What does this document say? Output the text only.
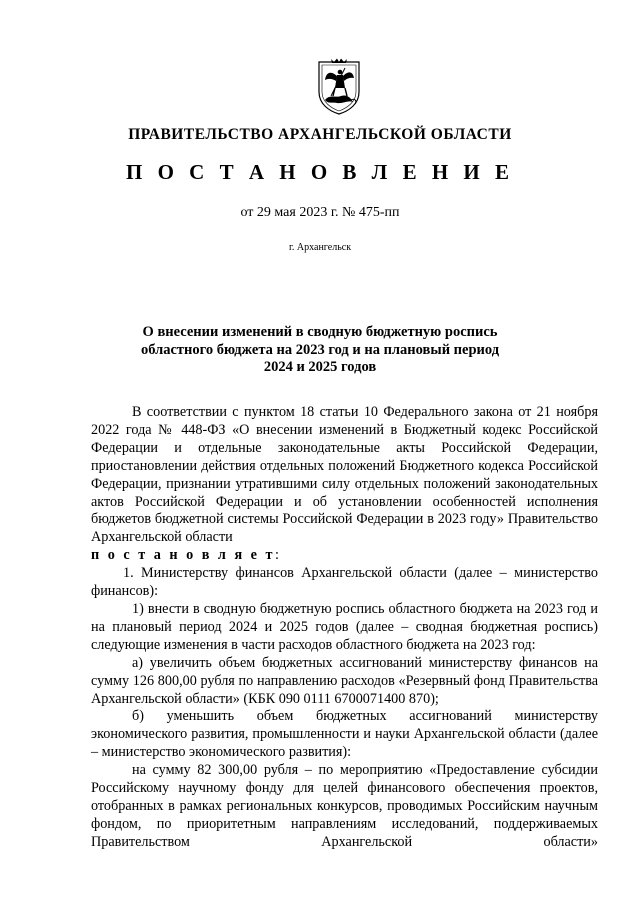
ПРАВИТЕЛЬСТВО АРХАНГЕЛЬСКОЙ ОБЛАСТИ
П О С Т А Н О В Л Е Н И Е
от 29 мая 2023 г. № 475-пп
г. Архангельск
О внесении изменений в сводную бюджетную роспись
областного бюджета на 2023 год и на плановый период
2024 и 2025 годов

В соответствии с пунктом 18 статьи 10 Федерального закона от 21 ноября 2022 года № 448-ФЗ «О внесении изменений в Бюджетный кодекс Российской Федерации и отдельные законодательные акты Российской Федерации, приостановлении действия отдельных положений Бюджетного кодекса Российской Федерации, признании утратившими силу отдельных положений законодательных актов Российской Федерации и об установлении особенностей исполнения бюджетов бюджетной системы Российской Федерации в 2023 году» Правительство Архангельской области
п о с т а н о в л я е т:

1. Министерству финансов Архангельской области (далее – министерство финансов):

1) внести в сводную бюджетную роспись областного бюджета на 2023 год и на плановый период 2024 и 2025 годов (далее – сводная бюджетная роспись) следующие изменения в части расходов областного бюджета на 2023 год:

а) увеличить объем бюджетных ассигнований министерству финансов на сумму 126 800,00 рубля по направлению расходов «Резервный фонд Правительства Архангельской области» (КБК 090 0111 6700071400 870);

б) уменьшить объем бюджетных ассигнований министерству экономического развития, промышленности и науки Архангельской области (далее – министерство экономического развития):

на сумму 82 300,00 рубля – по мероприятию «Предоставление субсидии Российскому научному фонду для целей финансового обеспечения проектов, отобранных в рамках региональных конкурсов, проводимых Российским научным фондом, по приоритетным направлениям исследований, поддерживаемых Правительством Архангельской области»
